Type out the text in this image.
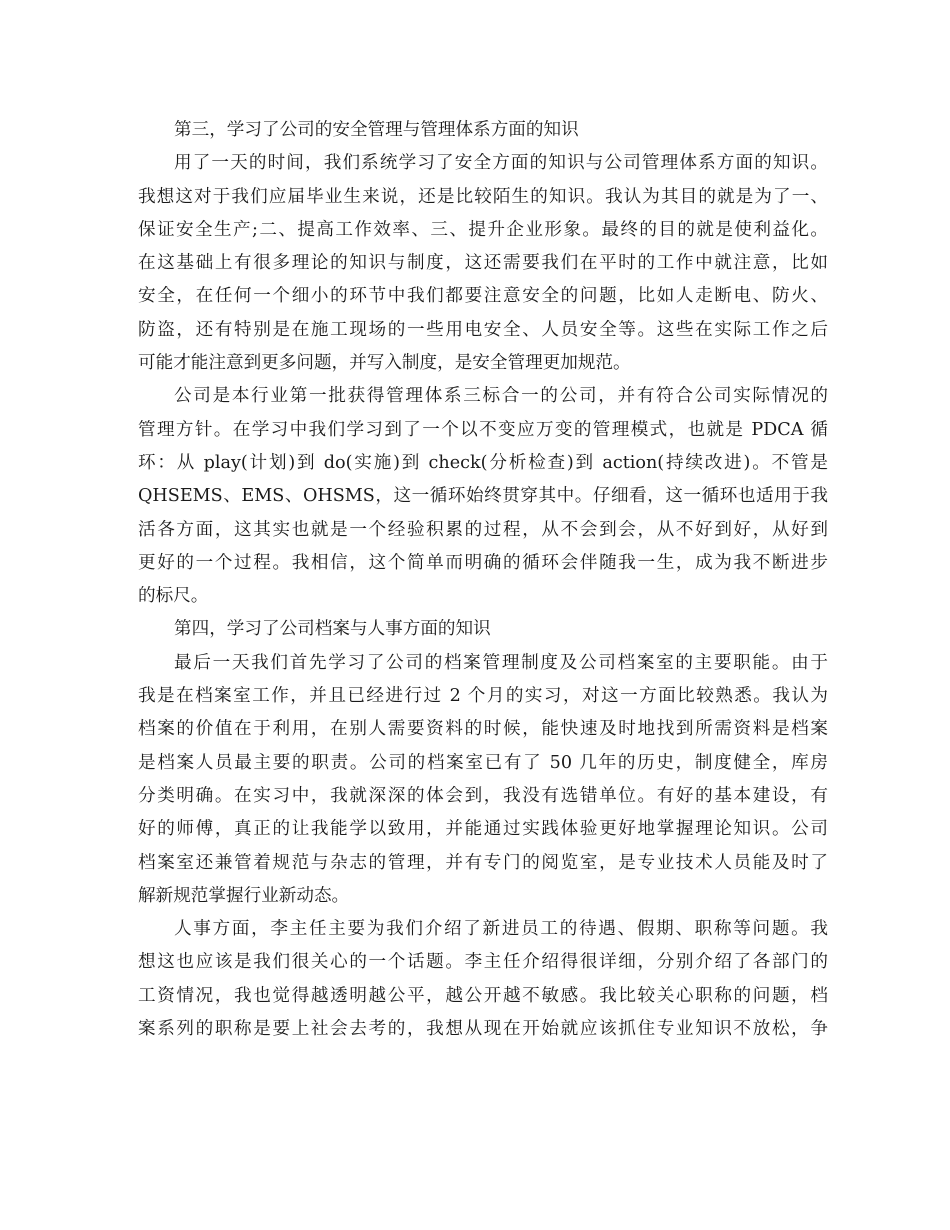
第三，学习了公司的安全管理与管理体系方面的知识
用了一天的时间，我们系统学习了安全方面的知识与公司管理体系方面的知识。
我想这对于我们应届毕业生来说，还是比较陌生的知识。我认为其目的就是为了一、
保证安全生产;二、提高工作效率、三、提升企业形象。最终的目的就是使利益化。
在这基础上有很多理论的知识与制度，这还需要我们在平时的工作中就注意，比如
安全，在任何一个细小的环节中我们都要注意安全的问题，比如人走断电、防火、
防盗，还有特别是在施工现场的一些用电安全、人员安全等。这些在实际工作之后
可能才能注意到更多问题，并写入制度，是安全管理更加规范。
公司是本行业第一批获得管理体系三标合一的公司，并有符合公司实际情况的
管理方针。在学习中我们学习到了一个以不变应万变的管理模式，也就是 PDCA 循
环：从 play(计划)到 do(实施)到 check(分析检查)到 action(持续改进)。不管是
QHSEMS、EMS、OHSMS，这一循环始终贯穿其中。仔细看，这一循环也适用于我
活各方面，这其实也就是一个经验积累的过程，从不会到会，从不好到好，从好到
更好的一个过程。我相信，这个简单而明确的循环会伴随我一生，成为我不断进步
的标尺。
第四，学习了公司档案与人事方面的知识
最后一天我们首先学习了公司的档案管理制度及公司档案室的主要职能。由于
我是在档案室工作，并且已经进行过 2 个月的实习，对这一方面比较熟悉。我认为
档案的价值在于利用，在别人需要资料的时候，能快速及时地找到所需资料是档案
是档案人员最主要的职责。公司的档案室已有了 50 几年的历史，制度健全，库房
分类明确。在实习中，我就深深的体会到，我没有选错单位。有好的基本建设，有
好的师傅，真正的让我能学以致用，并能通过实践体验更好地掌握理论知识。公司
档案室还兼管着规范与杂志的管理，并有专门的阅览室，是专业技术人员能及时了
解新规范掌握行业新动态。
人事方面，李主任主要为我们介绍了新进员工的待遇、假期、职称等问题。我
想这也应该是我们很关心的一个话题。李主任介绍得很详细，分别介绍了各部门的
工资情况，我也觉得越透明越公平，越公开越不敏感。我比较关心职称的问题，档
案系列的职称是要上社会去考的，我想从现在开始就应该抓住专业知识不放松，争
